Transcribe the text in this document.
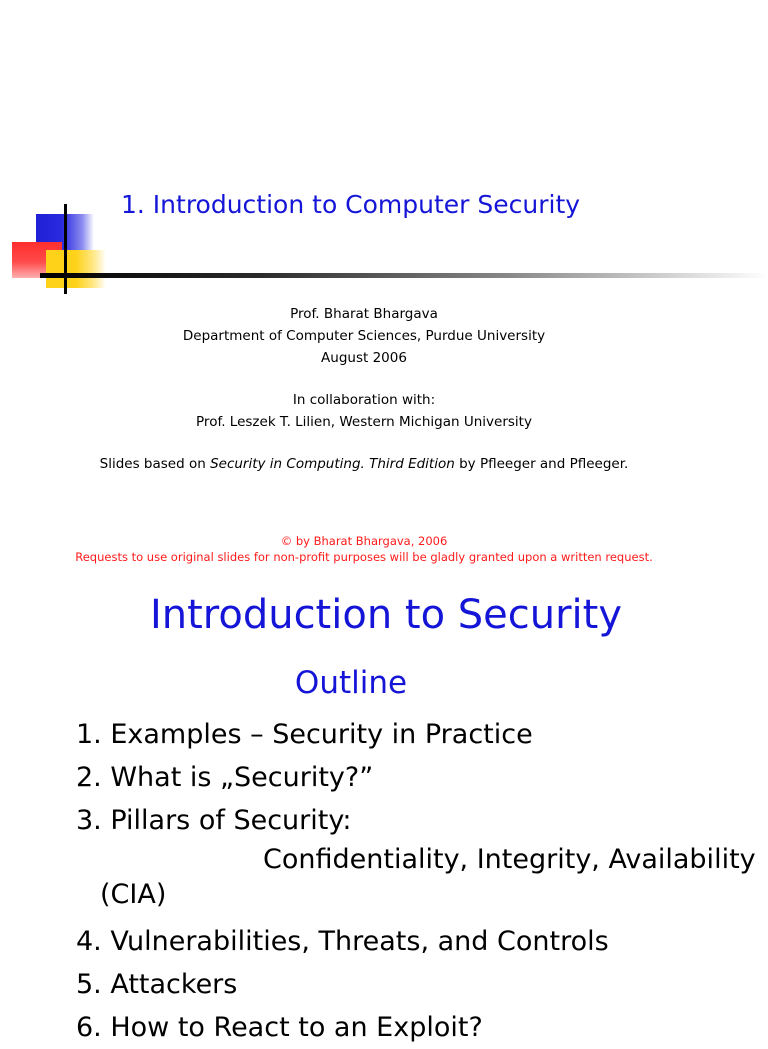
1. Introduction to Computer Security
Prof. Bharat Bhargava
Department of Computer Sciences, Purdue University
August 2006
In collaboration with:
Prof. Leszek T. Lilien, Western Michigan University
Slides based on Security in Computing. Third Edition by Pfleeger and Pfleeger.
© by Bharat Bhargava, 2006
Requests to use original slides for non-profit purposes will be gladly granted upon a written request.
Introduction to Security
Outline
1. Examples – Security in Practice
2. What is „Security?”
3. Pillars of Security:
Confidentiality, Integrity, Availability
(CIA)
4. Vulnerabilities, Threats, and Controls
5. Attackers
6. How to React to an Exploit?
